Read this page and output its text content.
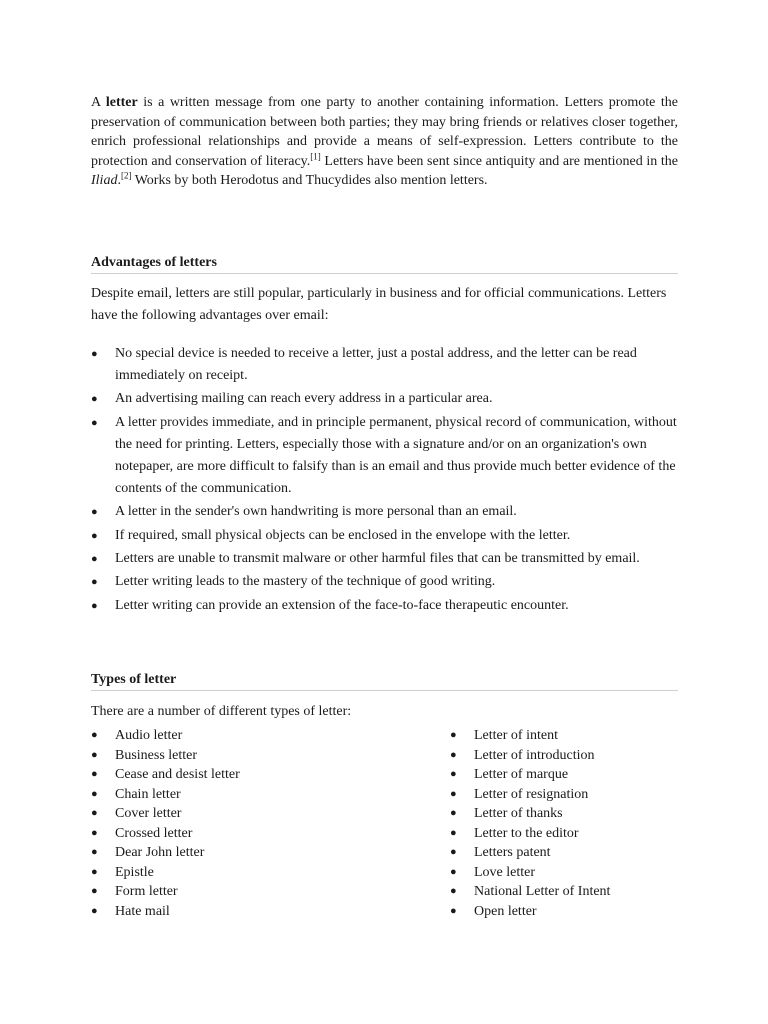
A letter is a written message from one party to another containing information. Letters promote the preservation of communication between both parties; they may bring friends or relatives closer together, enrich professional relationships and provide a means of self-expression. Letters contribute to the protection and conservation of literacy.[1] Letters have been sent since antiquity and are mentioned in the Iliad.[2] Works by both Herodotus and Thucydides also mention letters.

Advantages of letters

Despite email, letters are still popular, particularly in business and for official communications. Letters have the following advantages over email:

● No special device is needed to receive a letter, just a postal address, and the letter can be read immediately on receipt.
● An advertising mailing can reach every address in a particular area.
● A letter provides immediate, and in principle permanent, physical record of communication, without the need for printing. Letters, especially those with a signature and/or on an organization's own notepaper, are more difficult to falsify than is an email and thus provide much better evidence of the contents of the communication.
● A letter in the sender's own handwriting is more personal than an email.
● If required, small physical objects can be enclosed in the envelope with the letter.
● Letters are unable to transmit malware or other harmful files that can be transmitted by email.
● Letter writing leads to the mastery of the technique of good writing.
● Letter writing can provide an extension of the face-to-face therapeutic encounter.
Types of letter

There are a number of different types of letter:

● Audio letter
● Business letter
● Cease and desist letter
● Chain letter
● Cover letter
● Crossed letter
● Dear John letter
● Epistle
● Form letter
● Hate mail
● Letter of intent
● Letter of introduction
● Letter of marque
● Letter of resignation
● Letter of thanks
● Letter to the editor
● Letters patent
● Love letter
● National Letter of Intent
● Open letter
